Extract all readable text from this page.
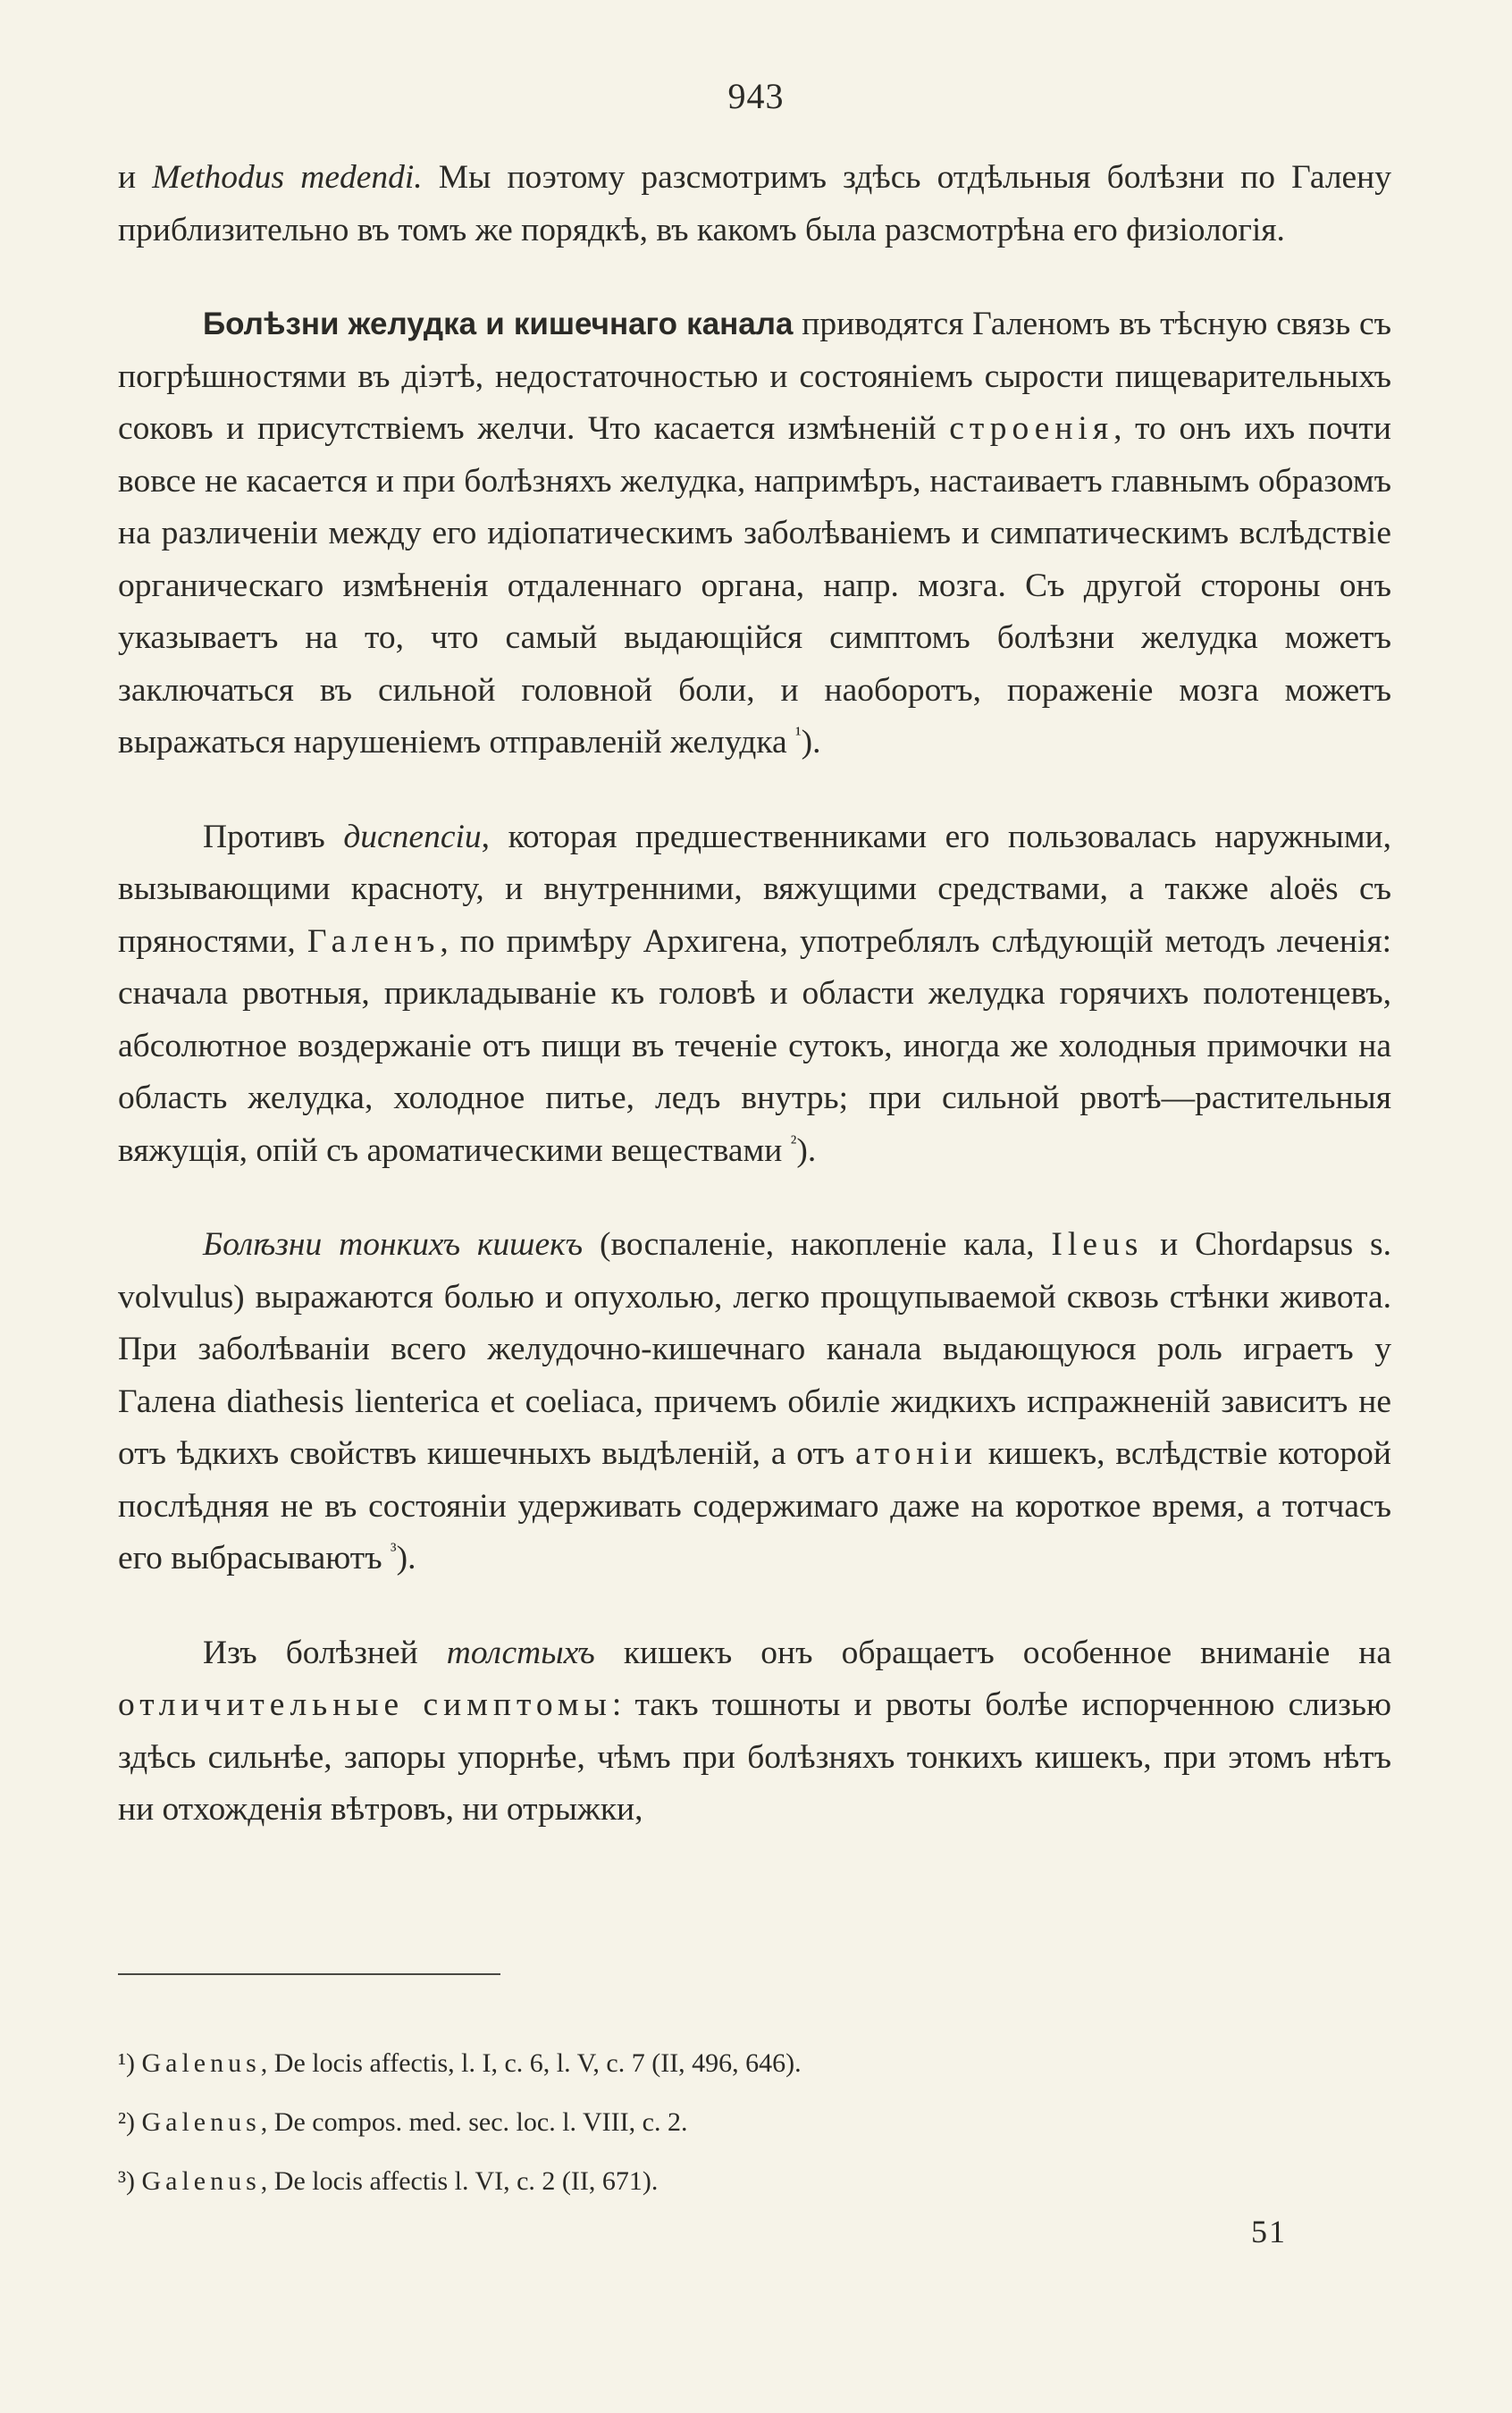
943

и Methodus medendi. Мы поэтому разсмотримъ здѣсь отдѣльныя болѣзни по Галену приблизительно въ томъ же порядкѣ, въ какомъ была разсмотрѣна его физіологія.

Болѣзни желудка и кишечнаго канала приводятся Галеномъ въ тѣсную связь съ погрѣшностями въ діэтѣ, недостаточностью и состояніемъ сырости пищеварительныхъ соковъ и присутствіемъ желчи. Что касается измѣненій строенія, то онъ ихъ почти вовсе не касается и при болѣзняхъ желудка, напримѣръ, настаиваетъ главнымъ образомъ на различеніи между его идіопатическимъ заболѣваніемъ и симпатическимъ вслѣдствіе органическаго измѣненія отдаленнаго органа, напр. мозга. Съ другой стороны онъ указываетъ на то, что самый выдающійся симптомъ болѣзни желудка можетъ заключаться въ сильной головной боли, и наоборотъ, пораженіе мозга можетъ выражаться нарушеніемъ отправленій желудка $^{^1}$).

Противъ диспепсіи, которая предшественниками его пользовалась наружными, вызывающими красноту, и внутренними, вяжущими средствами, а также aloës съ пряностями, Галенъ, по примѣру Архигена, употреблялъ слѣдующій методъ леченія: сначала рвотныя, прикладываніе къ головѣ и области желудка горячихъ полотенцевъ, абсолютное воздержаніе отъ пищи въ теченіе сутокъ, иногда же холодныя примочки на область желудка, холодное питье, ледъ внутрь; при сильной рвотѣ—растительныя вяжущія, опій съ ароматическими веществами $^{^2}$).

Болѣзни тонкихъ кишекъ (воспаленіе, накопленіе кала, Ileus и Chordapsus s. volvulus) выражаются болью и опухолью, легко прощупываемой сквозь стѣнки живота. При заболѣваніи всего желудочно-кишечнаго канала выдающуюся роль играетъ у Галена diathesis lienterica et coeliaca, причемъ обиліе жидкихъ испражненій зависитъ не отъ ѣдкихъ свойствъ кишечныхъ выдѣленій, а отъ атоніи кишекъ, вслѣдствіе которой послѣдняя не въ состояніи удерживать содержимаго даже на короткое время, а тотчасъ его выбрасываютъ $^{^3}$).

Изъ болѣзней толстыхъ кишекъ онъ обращаетъ особенное вниманіе на отличительные симптомы: такъ тошноты и рвоты болѣе испорченною слизью здѣсь сильнѣе, запоры упорнѣе, чѣмъ при болѣзняхъ тонкихъ кишекъ, при этомъ нѣтъ ни отхожденія вѣтровъ, ни отрыжки,

¹) Galenus, De locis affectis, l. I, c. 6, l. V, c. 7 (II, 496, 646).

²) Galenus, De compos. med. sec. loc. l. VIII, c. 2.

³) Galenus, De locis affectis l. VI, c. 2 (II, 671).

51
